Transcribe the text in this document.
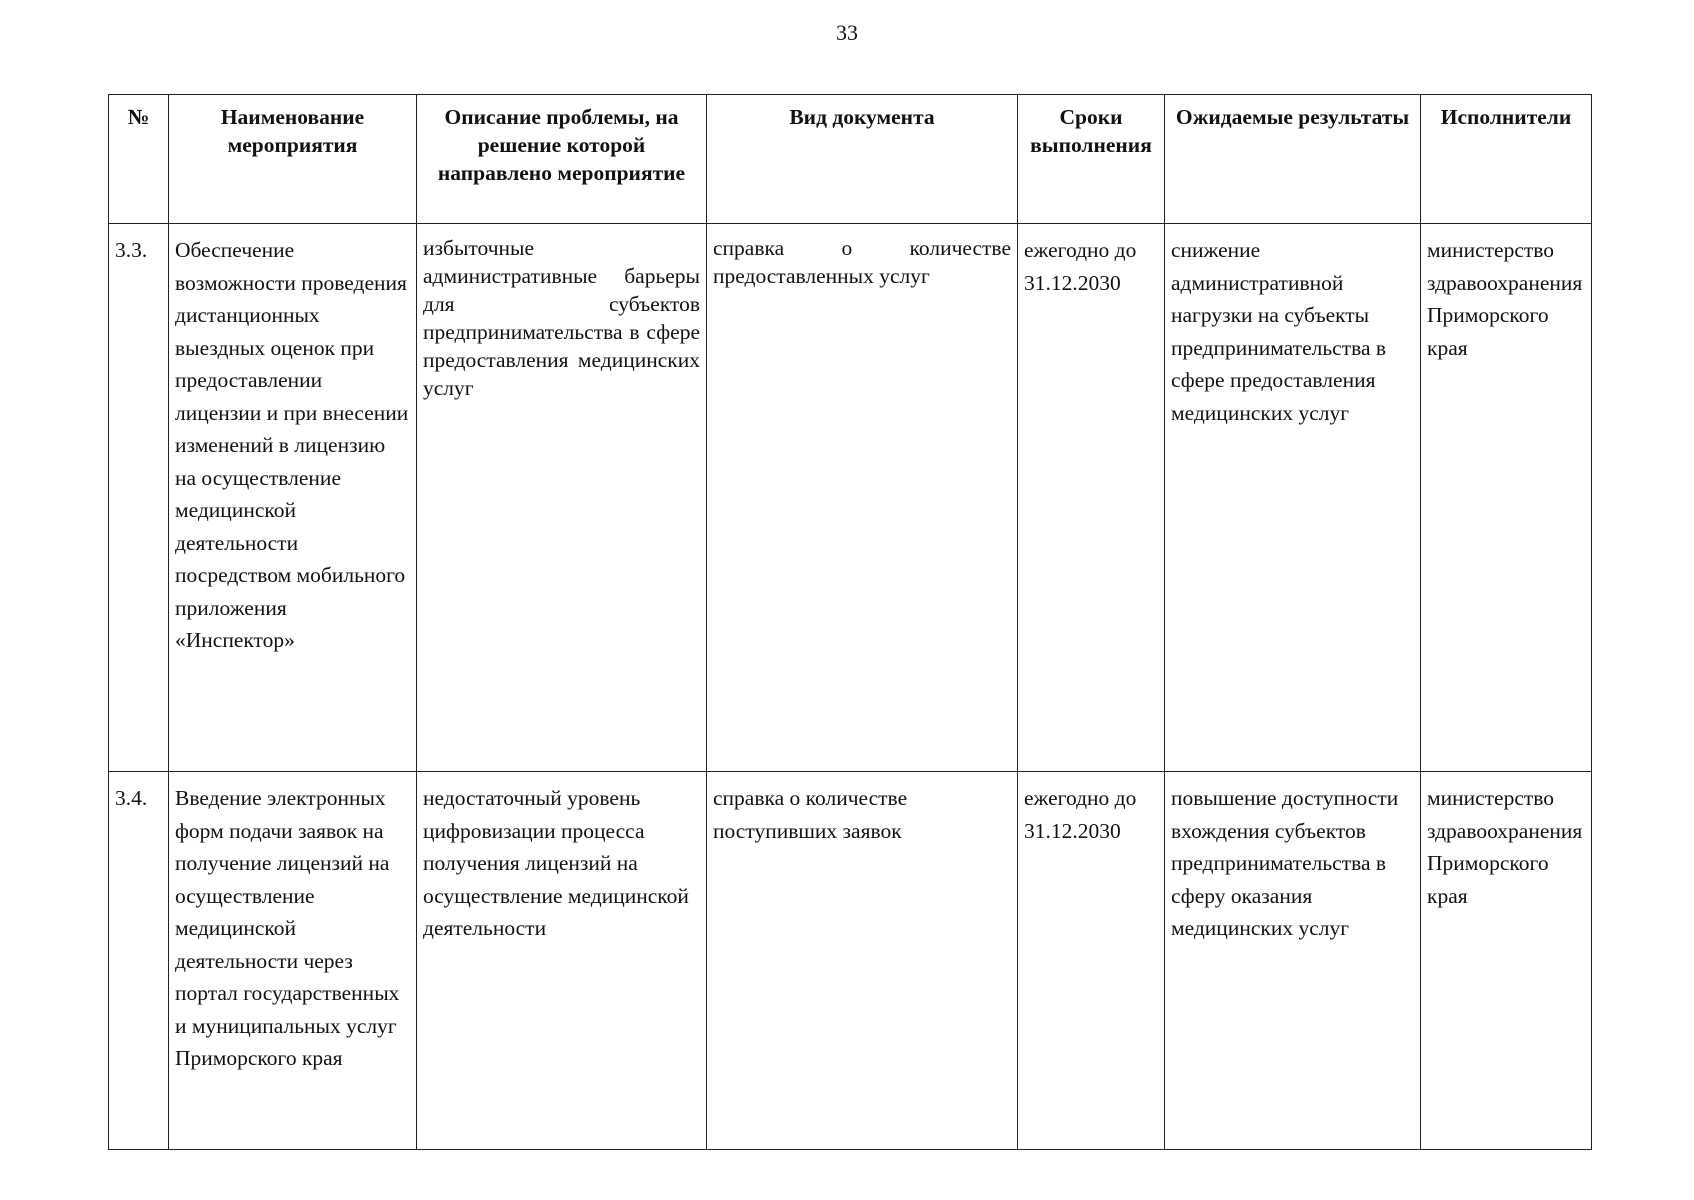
33
№	Наименование мероприятия	Описание проблемы, на решение которой направлено мероприятие	Вид документа	Сроки выполнения	Ожидаемые результаты	Исполнители
3.3.	Обеспечение возможности проведения дистанционных выездных оценок при предоставлении лицензии и при внесении изменений в лицензию на осуществление медицинской деятельности посредством мобильного приложения «Инспектор»	избыточные административные барьеры для субъектов предпринимательства в сфере предоставления медицинских услуг	справка о количестве предоставленных услуг	ежегодно до 31.12.2030	снижение административной нагрузки на субъекты предпринимательства в сфере предоставления медицинских услуг	министерство здравоохранения Приморского края
3.4.	Введение электронных форм подачи заявок на получение лицензий на осуществление медицинской деятельности через портал государственных и муниципальных услуг Приморского края	недостаточный уровень цифровизации процесса получения лицензий на осуществление медицинской деятельности	справка о количестве поступивших заявок	ежегодно до 31.12.2030	повышение доступности вхождения субъектов предпринимательства в сферу оказания медицинских услуг	министерство здравоохранения Приморского края
